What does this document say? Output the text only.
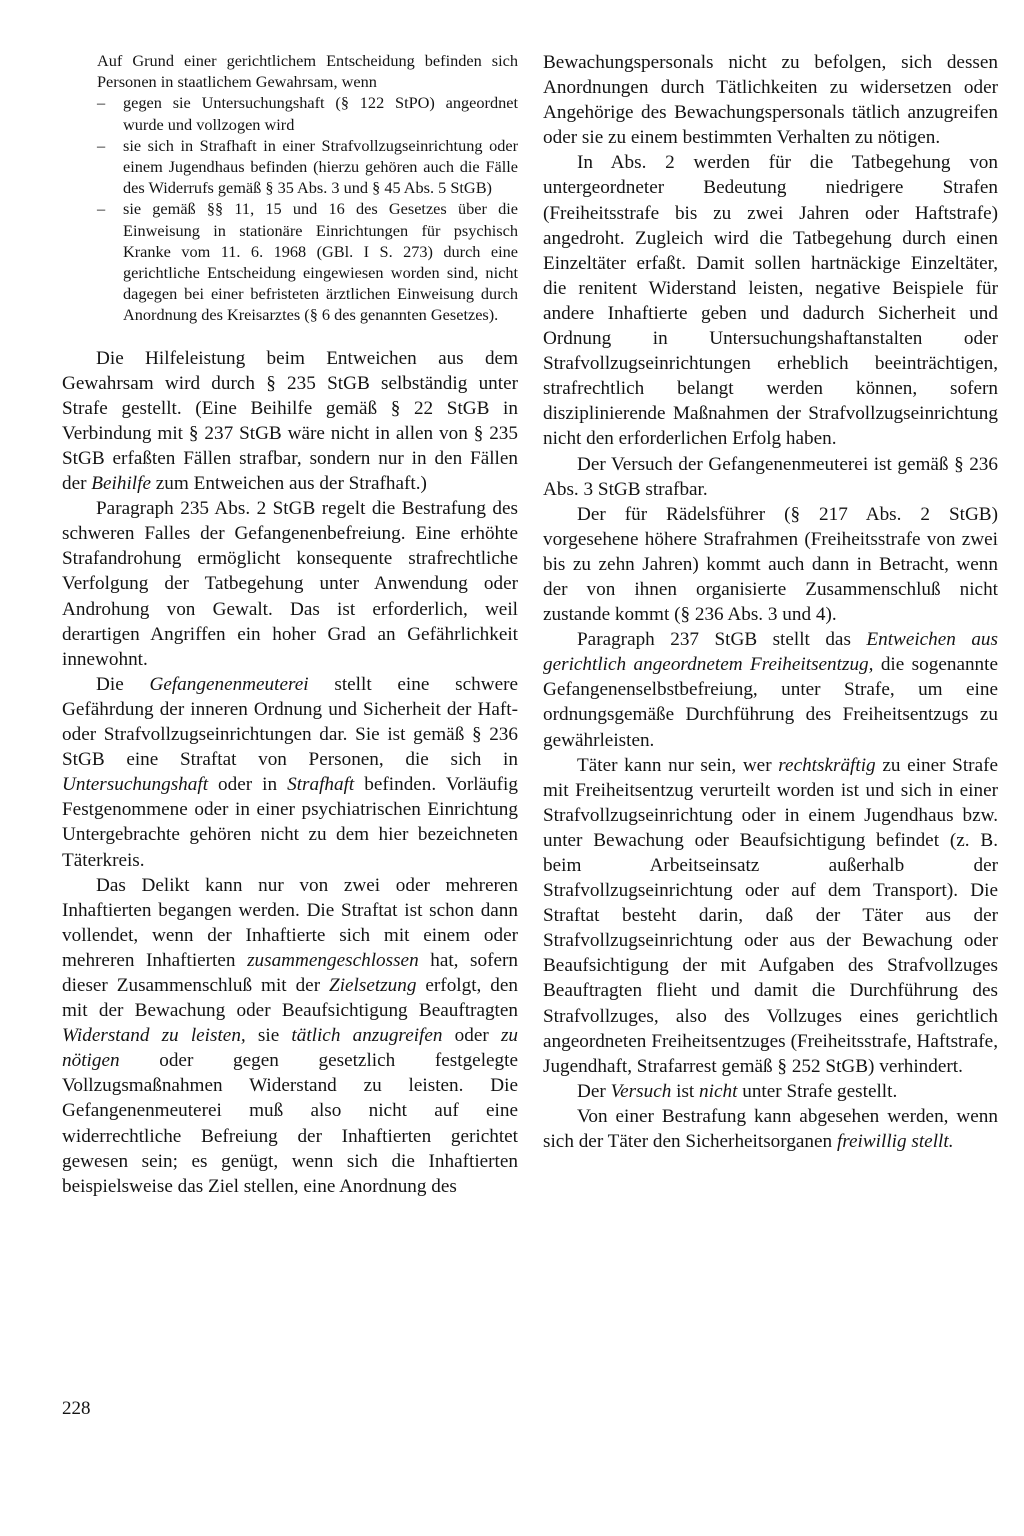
Auf Grund einer gerichtlichem Entscheidung befinden sich Personen in staatlichem Gewahrsam, wenn

– gegen sie Untersuchungshaft (§ 122 StPO) angeordnet wurde und vollzogen wird
– sie sich in Strafhaft in einer Strafvollzugseinrichtung oder einem Jugendhaus befinden (hierzu gehören auch die Fälle des Widerrufs gemäß § 35 Abs. 3 und § 45 Abs. 5 StGB)
– sie gemäß §§ 11, 15 und 16 des Gesetzes über die Einweisung in stationäre Einrichtungen für psychisch Kranke vom 11. 6. 1968 (GBl. I S. 273) durch eine gerichtliche Entscheidung eingewiesen worden sind, nicht dagegen bei einer befristeten ärztlichen Einweisung durch Anordnung des Kreisarztes (§ 6 des genannten Gesetzes).

Die Hilfeleistung beim Entweichen aus dem Gewahrsam wird durch § 235 StGB selbständig unter Strafe gestellt. (Eine Beihilfe gemäß § 22 StGB in Verbindung mit § 237 StGB wäre nicht in allen von § 235 StGB erfaßten Fällen strafbar, sondern nur in den Fällen der Beihilfe zum Entweichen aus der Strafhaft.)

Paragraph 235 Abs. 2 StGB regelt die Bestrafung des schweren Falles der Gefangenenbefreiung. Eine erhöhte Strafandrohung ermöglicht konsequente strafrechtliche Verfolgung der Tatbegehung unter Anwendung oder Androhung von Gewalt. Das ist erforderlich, weil derartigen Angriffen ein hoher Grad an Gefährlichkeit innewohnt.

Die Gefangenenmeuterei stellt eine schwere Gefährdung der inneren Ordnung und Sicherheit der Haft- oder Strafvollzugseinrichtungen dar. Sie ist gemäß § 236 StGB eine Straftat von Personen, die sich in Untersuchungshaft oder in Strafhaft befinden. Vorläufig Festgenommene oder in einer psychiatrischen Einrichtung Untergebrachte gehören nicht zu dem hier bezeichneten Täterkreis.

Das Delikt kann nur von zwei oder mehreren Inhaftierten begangen werden. Die Straftat ist schon dann vollendet, wenn der Inhaftierte sich mit einem oder mehreren Inhaftierten zusammengeschlossen hat, sofern dieser Zusammenschluß mit der Zielsetzung erfolgt, den mit der Bewachung oder Beaufsichtigung Beauftragten Widerstand zu leisten, sie tätlich anzugreifen oder zu nötigen oder gegen gesetzlich festgelegte Vollzugsmaßnahmen Widerstand zu leisten. Die Gefangenenmeuterei muß also nicht auf eine widerrechtliche Befreiung der Inhaftierten gerichtet gewesen sein; es genügt, wenn sich die Inhaftierten beispielsweise das Ziel stellen, eine Anordnung des

Bewachungspersonals nicht zu befolgen, sich dessen Anordnungen durch Tätlichkeiten zu widersetzen oder Angehörige des Bewachungspersonals tätlich anzugreifen oder sie zu einem bestimmten Verhalten zu nötigen.

In Abs. 2 werden für die Tatbegehung von untergeordneter Bedeutung niedrigere Strafen (Freiheitsstrafe bis zu zwei Jahren oder Haftstrafe) angedroht. Zugleich wird die Tatbegehung durch einen Einzeltäter erfaßt. Damit sollen hartnäckige Einzeltäter, die renitent Widerstand leisten, negative Beispiele für andere Inhaftierte geben und dadurch Sicherheit und Ordnung in Untersuchungshaftanstalten oder Strafvollzugseinrichtungen erheblich beeinträchtigen, strafrechtlich belangt werden können, sofern disziplinierende Maßnahmen der Strafvollzugseinrichtung nicht den erforderlichen Erfolg haben.

Der Versuch der Gefangenenmeuterei ist gemäß § 236 Abs. 3 StGB strafbar.

Der für Rädelsführer (§ 217 Abs. 2 StGB) vorgesehene höhere Strafrahmen (Freiheitsstrafe von zwei bis zu zehn Jahren) kommt auch dann in Betracht, wenn der von ihnen organisierte Zusammenschluß nicht zustande kommt (§ 236 Abs. 3 und 4).

Paragraph 237 StGB stellt das Entweichen aus gerichtlich angeordnetem Freiheitsentzug, die sogenannte Gefangenenselbstbefreiung, unter Strafe, um eine ordnungsgemäße Durchführung des Freiheitsentzugs zu gewährleisten.

Täter kann nur sein, wer rechtskräftig zu einer Strafe mit Freiheitsentzug verurteilt worden ist und sich in einer Strafvollzugseinrichtung oder in einem Jugendhaus bzw. unter Bewachung oder Beaufsichtigung befindet (z. B. beim Arbeitseinsatz außerhalb der Strafvollzugseinrichtung oder auf dem Transport). Die Straftat besteht darin, daß der Täter aus der Strafvollzugseinrichtung oder aus der Bewachung oder Beaufsichtigung der mit Aufgaben des Strafvollzuges Beauftragten flieht und damit die Durchführung des Strafvollzuges, also des Vollzuges eines gerichtlich angeordneten Freiheitsentzuges (Freiheitsstrafe, Haftstrafe, Jugendhaft, Strafarrest gemäß § 252 StGB) verhindert.

Der Versuch ist nicht unter Strafe gestellt.

Von einer Bestrafung kann abgesehen werden, wenn sich der Täter den Sicherheitsorganen freiwillig stellt.

228
